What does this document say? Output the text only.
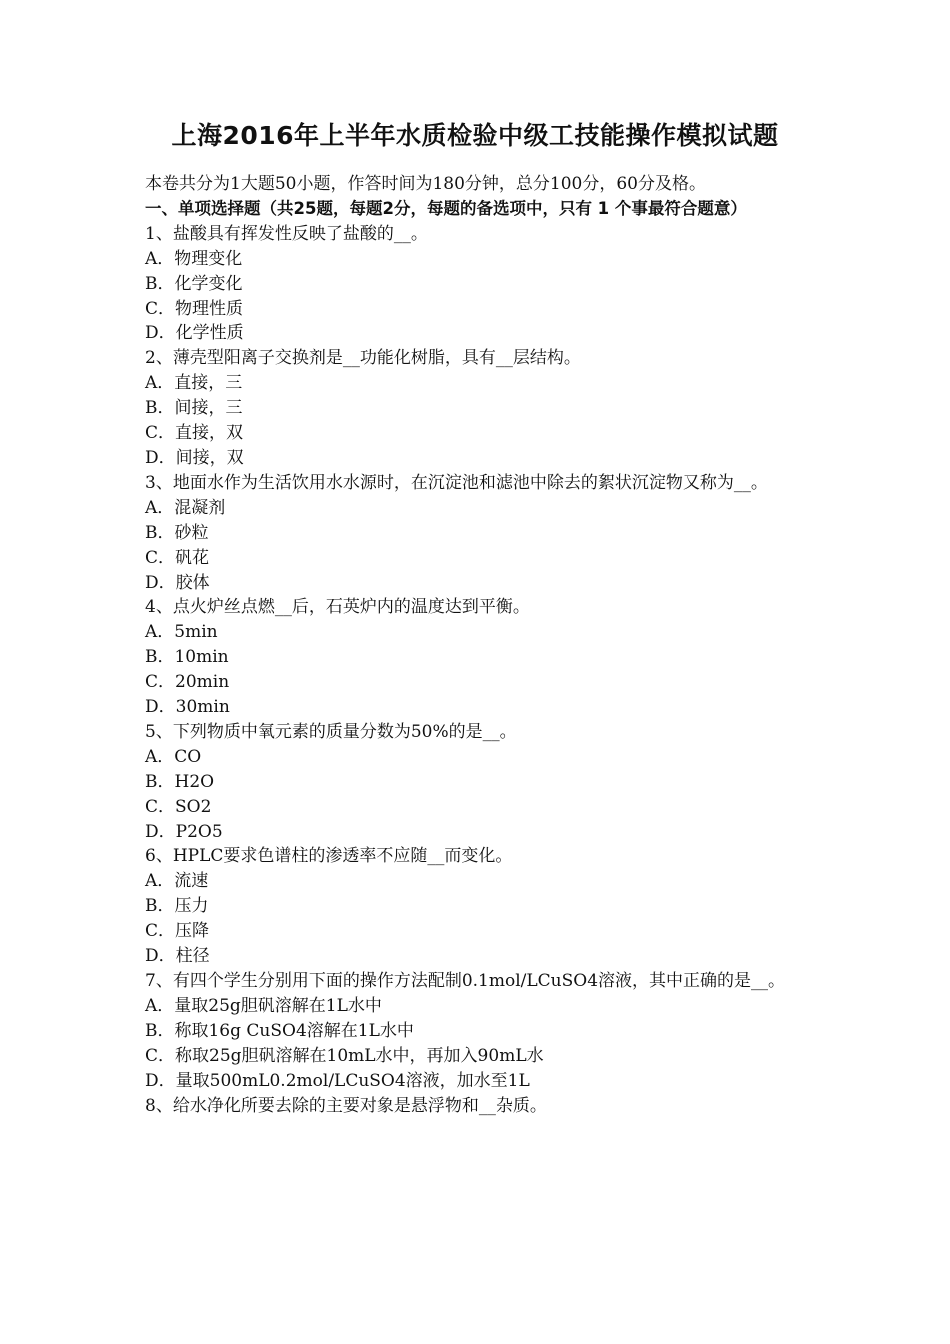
上海2016年上半年水质检验中级工技能操作模拟试题
本卷共分为1大题50小题，作答时间为180分钟，总分100分，60分及格。
一、单项选择题（共25题，每题2分，每题的备选项中，只有 1 个事最符合题意）
1、盐酸具有挥发性反映了盐酸的__。
A．物理变化
B．化学变化
C．物理性质
D．化学性质
2、薄壳型阳离子交换剂是__功能化树脂，具有__层结构。
A．直接，三
B．间接，三
C．直接，双
D．间接，双
3、地面水作为生活饮用水水源时，在沉淀池和滤池中除去的絮状沉淀物又称为__。
A．混凝剂
B．砂粒
C．矾花
D．胶体
4、点火炉丝点燃__后，石英炉内的温度达到平衡。
A．5min
B．10min
C．20min
D．30min
5、下列物质中氧元素的质量分数为50%的是__。
A．CO
B．H2O
C．SO2
D．P2O5
6、HPLC要求色谱柱的渗透率不应随__而变化。
A．流速
B．压力
C．压降
D．柱径
7、有四个学生分别用下面的操作方法配制0.1mol/LCuSO4溶液，其中正确的是__。
A．量取25g胆矾溶解在1L水中
B．称取16g CuSO4溶解在1L水中
C．称取25g胆矾溶解在10mL水中，再加入90mL水
D．量取500mL0.2mol/LCuSO4溶液，加水至1L
8、给水净化所要去除的主要对象是悬浮物和__杂质。
